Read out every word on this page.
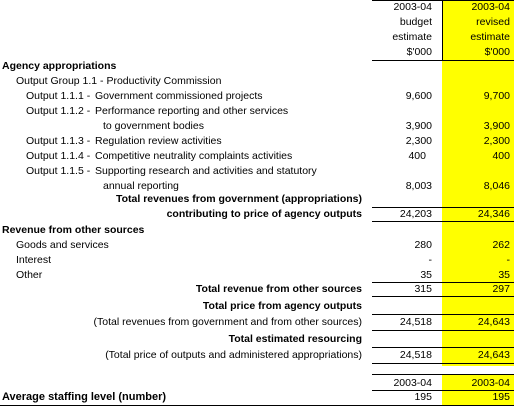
2003-04	2003-04
budget	revised
estimate	estimate
$'000	$'000
Agency appropriations
Output Group 1.1 - Productivity Commission
Output 1.1.1 - Government commissioned projects	9,600	9,700
Output 1.1.2 - Performance reporting and other services
to government bodies	3,900	3,900
Output 1.1.3 - Regulation review activities	2,300	2,300
Output 1.1.4 - Competitive neutrality complaints activities	400	400
Output 1.1.5 - Supporting research and activities and statutory
annual reporting	8,003	8,046
Total revenues from government (appropriations)
contributing to price of agency outputs	24,203	24,346
Revenue from other sources
Goods and services	280	262
Interest	-	-
Other	35	35
Total revenue from other sources	315	297
Total price from agency outputs
(Total revenues from government and from other sources)	24,518	24,643
Total estimated resourcing
(Total price of outputs and administered appropriations)	24,518	24,643
2003-04	2003-04
Average staffing level (number)	195	195
